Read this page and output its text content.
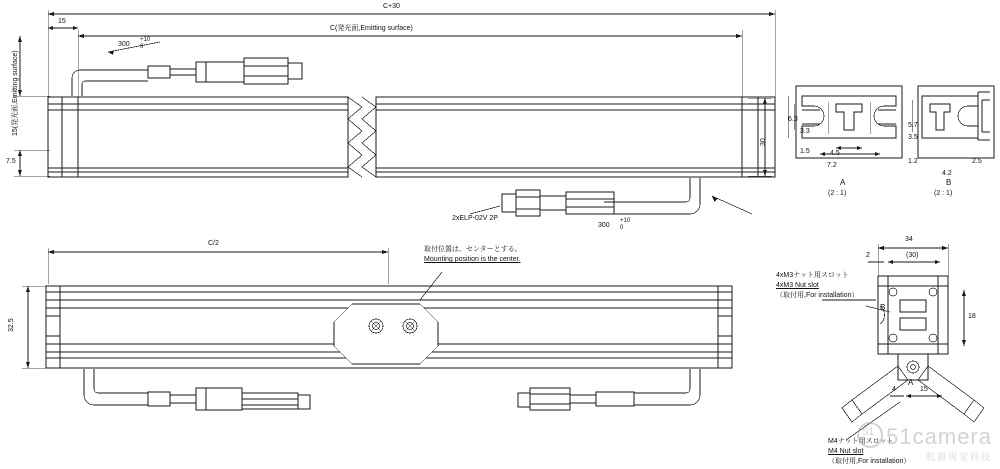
C+30
C(発光面,Emitting surface)
15
15(発光面,Emitting surface)
7.5
30
300
+10
0
300
+10
0
2xELP-02V 2P
6.3
3.3
1.5	4.5
7.2
A
(2 : 1)
5.7
3.5
1.2
4.2
2.5
B
(2 : 1)
C/2
32.5
取付位置は、センターとする。
Mounting position is the center.
34
(30)
2
18
15
4
A
B
4xM3ナット用スロット
4xM3 Nut slot
（取付用,For installation）
M4ナット用スロット
M4 Nut slot
（取付用,For installation）
5151camera
机器视觉科技
